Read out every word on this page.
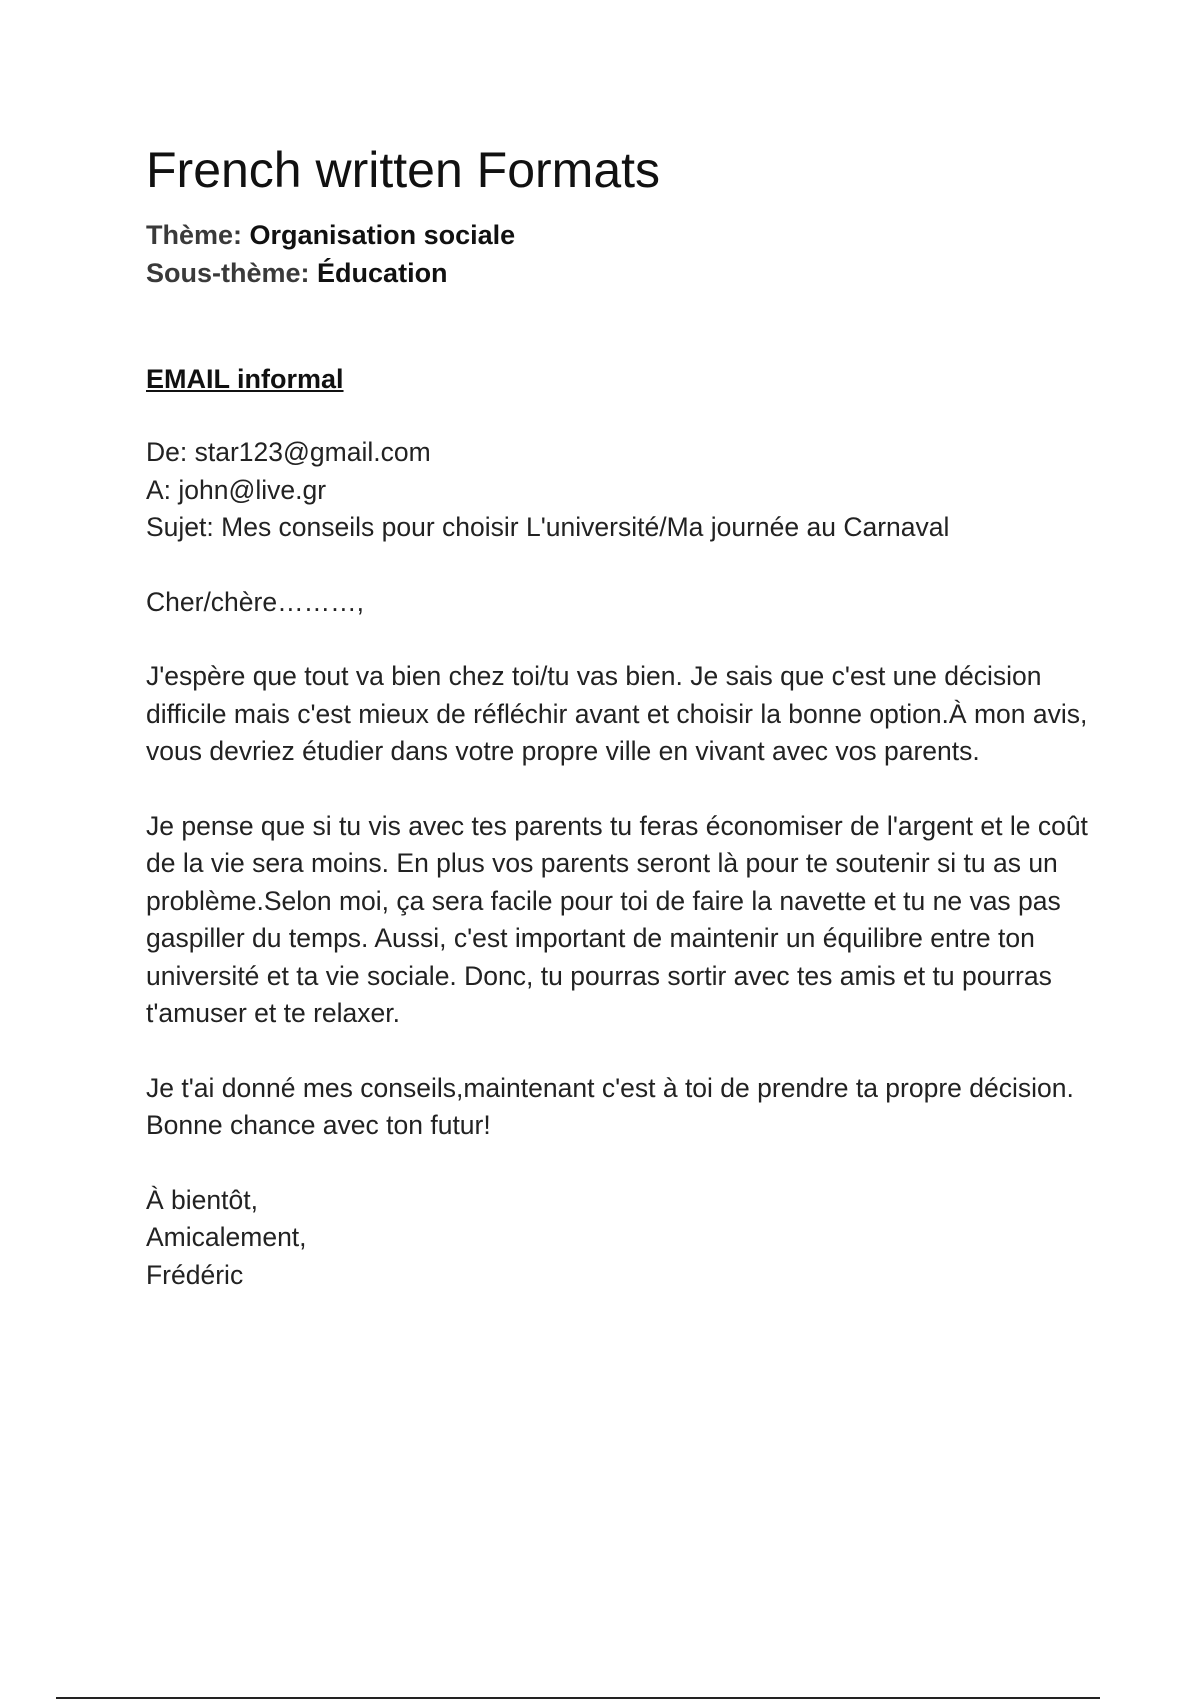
French written Formats
Thème: Organisation sociale
Sous-thème: Éducation
EMAIL informal
De: star123@gmail.com
A: john@live.gr
Sujet: Mes conseils pour choisir L'université/Ma journée au Carnaval
Cher/chère………,

J'espère que tout va bien chez toi/tu vas bien. Je sais que c'est une décision difficile mais c'est mieux de réfléchir avant et choisir la bonne option.À mon avis, vous devriez étudier dans votre propre ville en vivant avec vos parents.

Je pense que si tu vis avec tes parents tu feras économiser de l'argent et le coût de la vie sera moins. En plus vos parents seront là pour te soutenir si tu as un problème.Selon moi, ça sera facile pour toi de faire la navette et tu ne vas pas gaspiller du temps. Aussi, c'est important de maintenir un équilibre entre ton université et ta vie sociale. Donc, tu pourras sortir avec tes amis et tu pourras t'amuser et te relaxer.

Je t'ai donné mes conseils,maintenant c'est à toi de prendre ta propre décision. Bonne chance avec ton futur!

À bientôt,
Amicalement,
Frédéric
